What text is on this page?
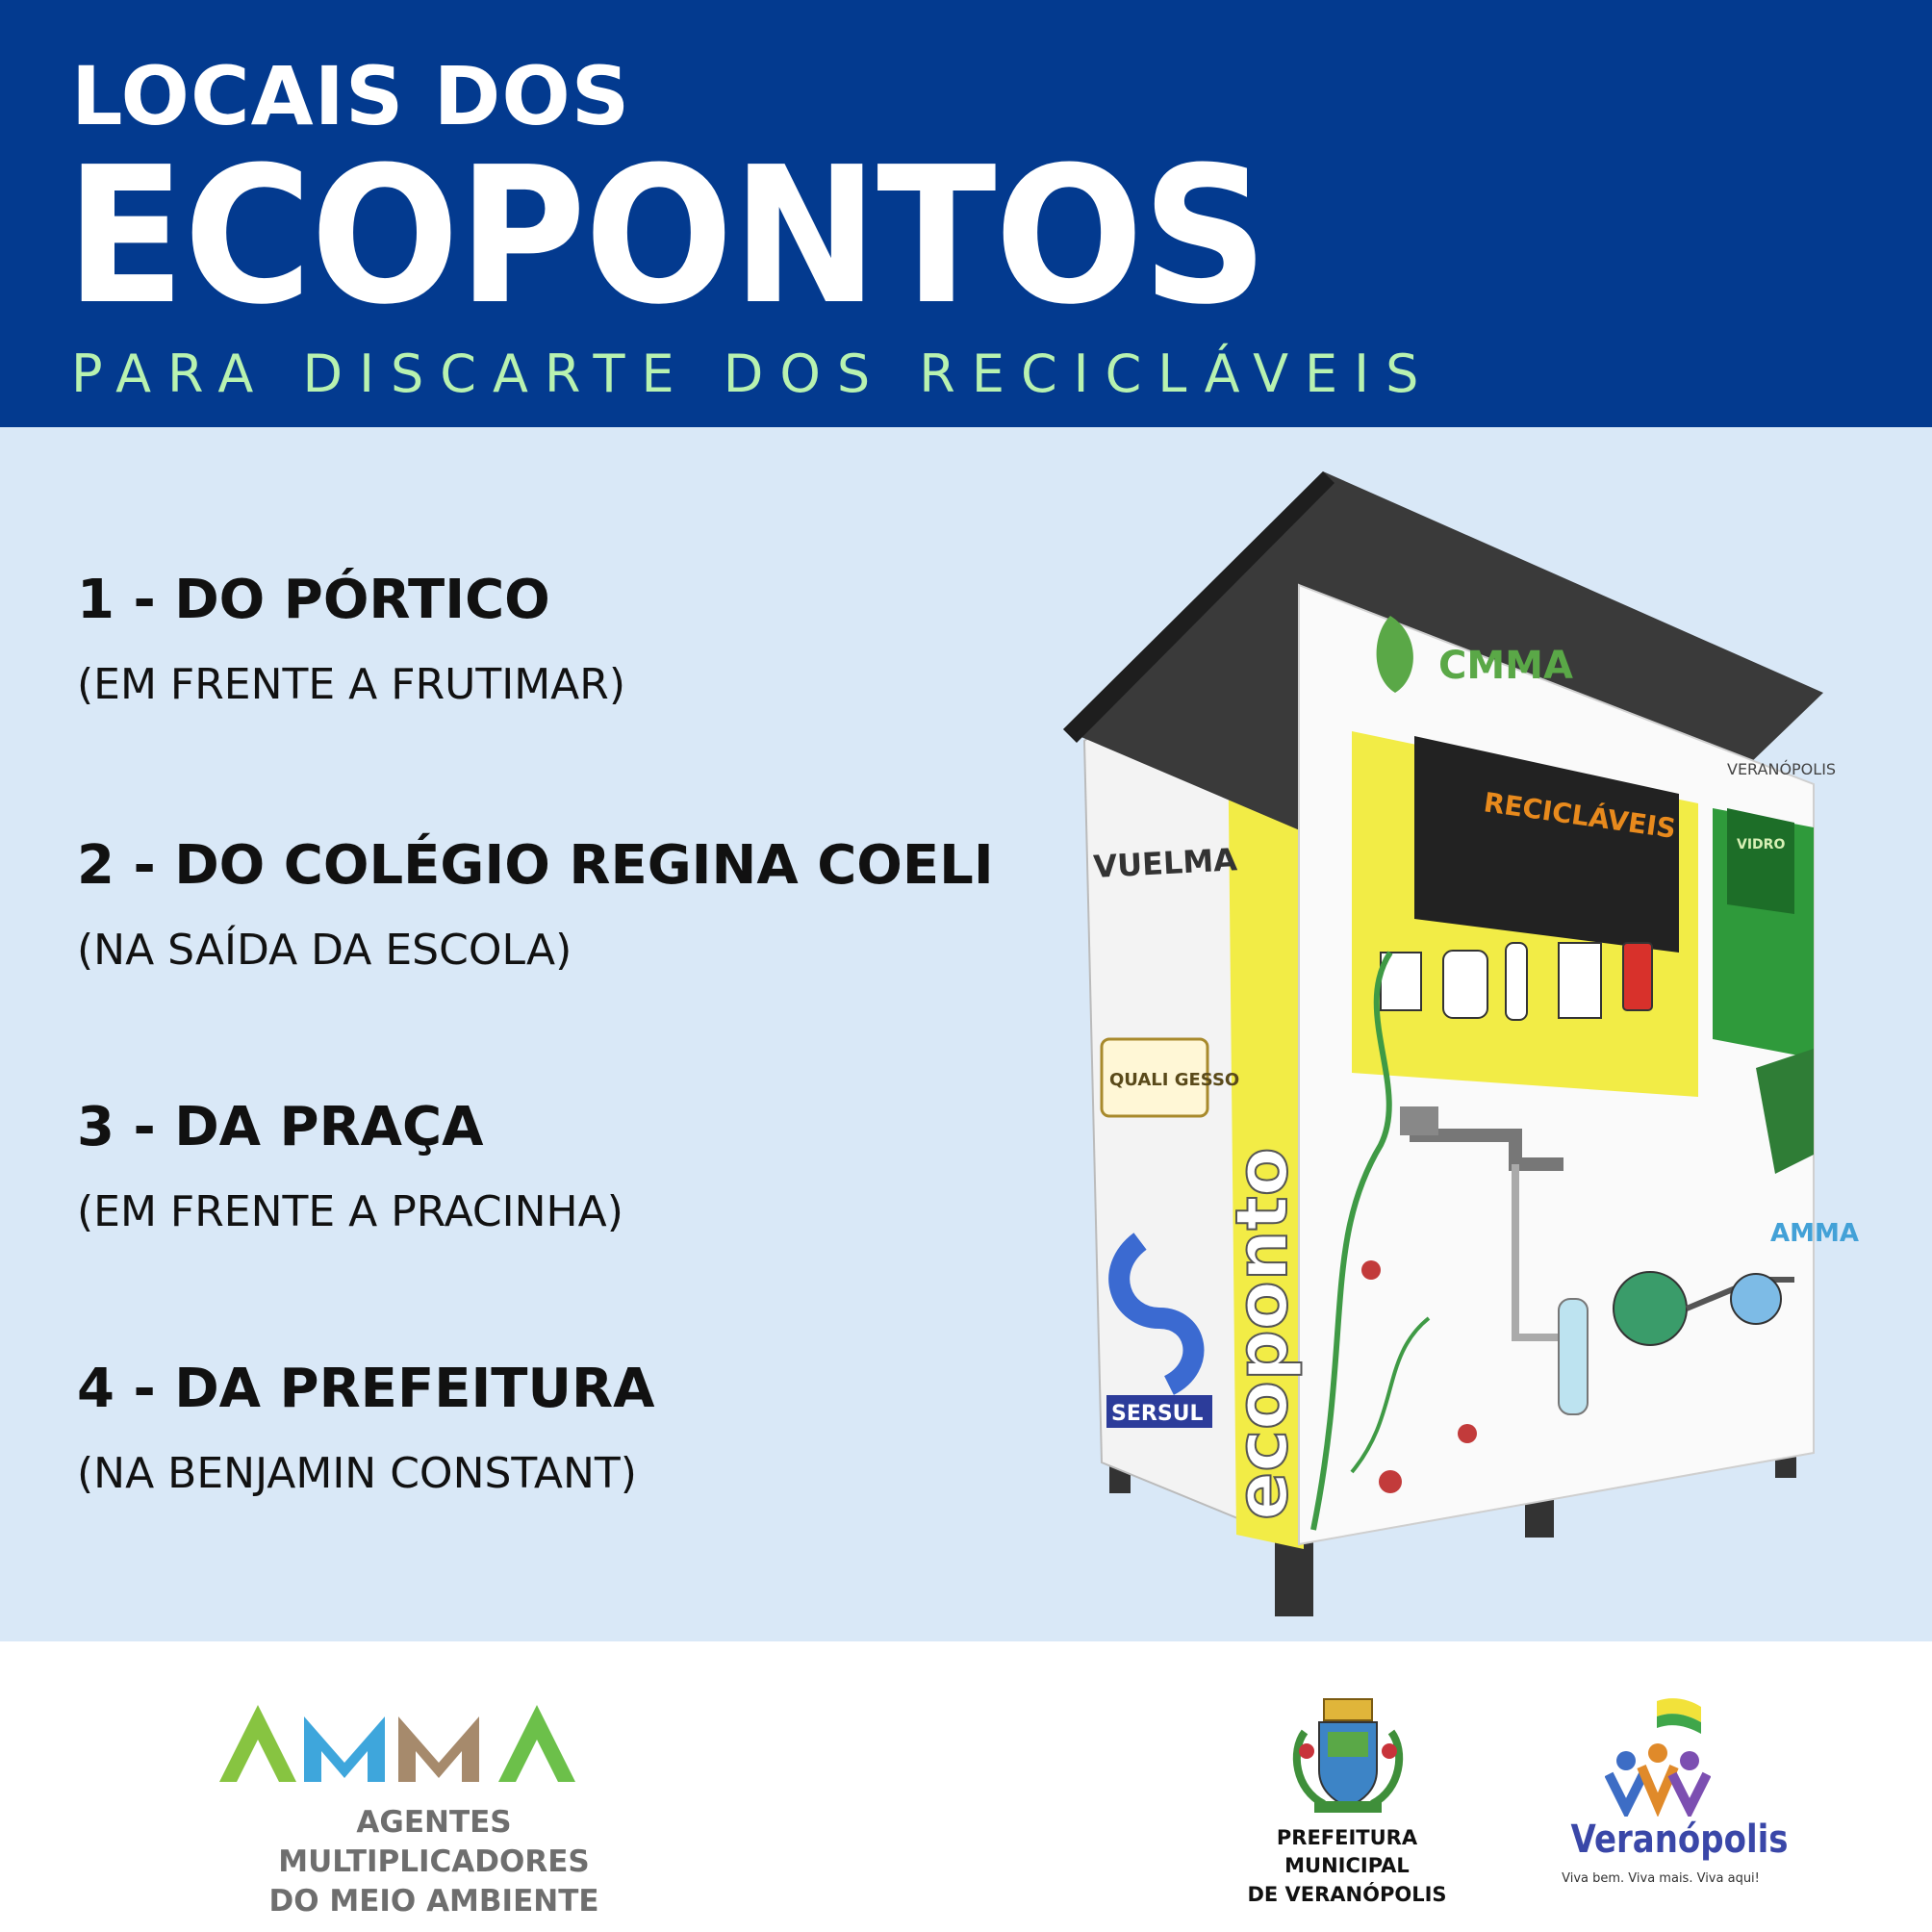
LOCAIS DOS
ECOPONTOS
PARA DISCARTE DOS RECICLÁVEIS
1 - DO PÓRTICO
(EM FRENTE A FRUTIMAR)
2 - DO COLÉGIO REGINA COELI
(NA SAÍDA DA ESCOLA)
3 - DA PRAÇA
(EM FRENTE A PRACINHA)
4 - DA PREFEITURA
(NA BENJAMIN CONSTANT)
RECICLÁVEIS
VIDRO
CMMA
VERANÓPOLIS
AMMA
VUELMA
QUALI GESSO
SERSUL ecoponto
AGENTES MULTIPLICADORES
DO MEIO AMBIENTE
PREFEITURA MUNICIPAL
DE VERANÓPOLIS
Veranópolis
Viva bem. Viva mais. Viva aqui!
